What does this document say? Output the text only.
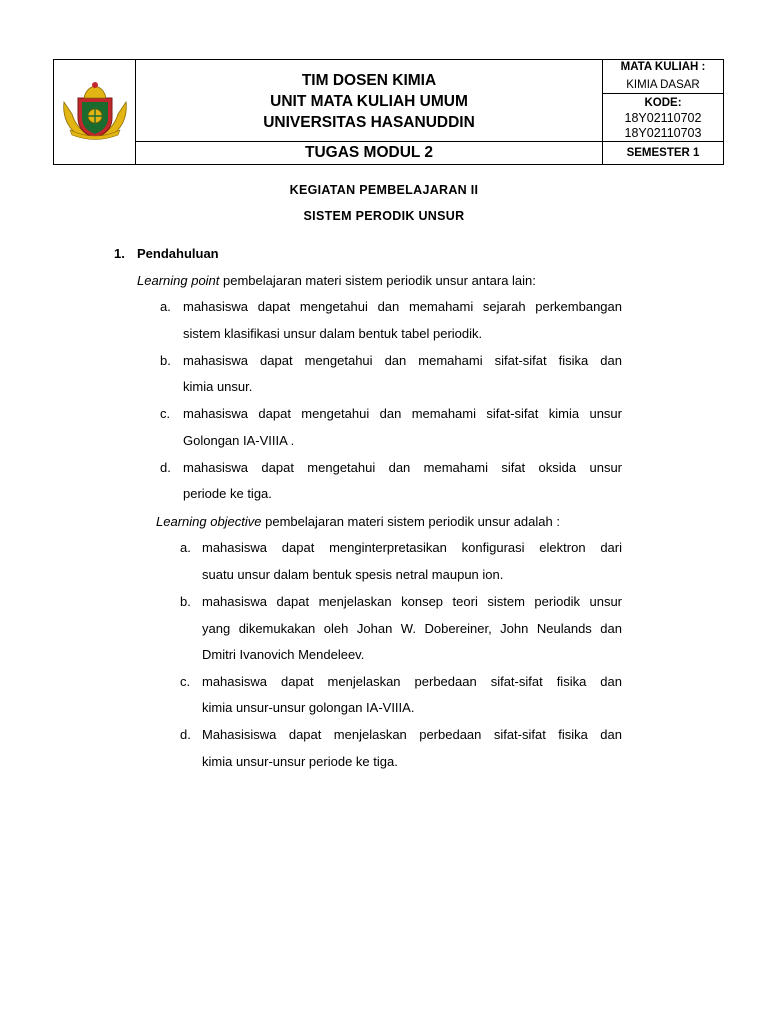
TIM DOSEN KIMIA
UNIT MATA KULIAH UMUM
UNIVERSITAS HASANUDDIN
TUGAS MODUL 2
MATA KULIAH :
KIMIA DASAR
KODE:
18Y02110702
18Y02110703
SEMESTER 1
KEGIATAN PEMBELAJARAN II
SISTEM PERODIK UNSUR
1. Pendahuluan
Learning point pembelajaran materi sistem periodik unsur antara lain:
a. mahasiswa dapat mengetahui dan memahami sejarah perkembangan
sistem klasifikasi unsur dalam bentuk tabel periodik.
b. mahasiswa dapat mengetahui dan memahami sifat-sifat fisika dan
kimia unsur.
c. mahasiswa dapat mengetahui dan memahami sifat-sifat kimia unsur
Golongan IA-VIIIA .
d. mahasiswa dapat mengetahui dan memahami sifat oksida unsur
periode ke tiga.
Learning objective pembelajaran materi sistem periodik unsur adalah :
a. mahasiswa dapat menginterpretasikan konfigurasi elektron dari
suatu unsur dalam bentuk spesis netral maupun ion.
b. mahasiswa dapat menjelaskan konsep teori sistem periodik unsur
yang dikemukakan oleh Johan W. Dobereiner, John Neulands dan
Dmitri Ivanovich Mendeleev.
c. mahasiswa dapat menjelaskan perbedaan sifat-sifat fisika dan
kimia unsur-unsur golongan IA-VIIIA.
d. Mahasisiswa dapat menjelaskan perbedaan sifat-sifat fisika dan
kimia unsur-unsur periode ke tiga.
